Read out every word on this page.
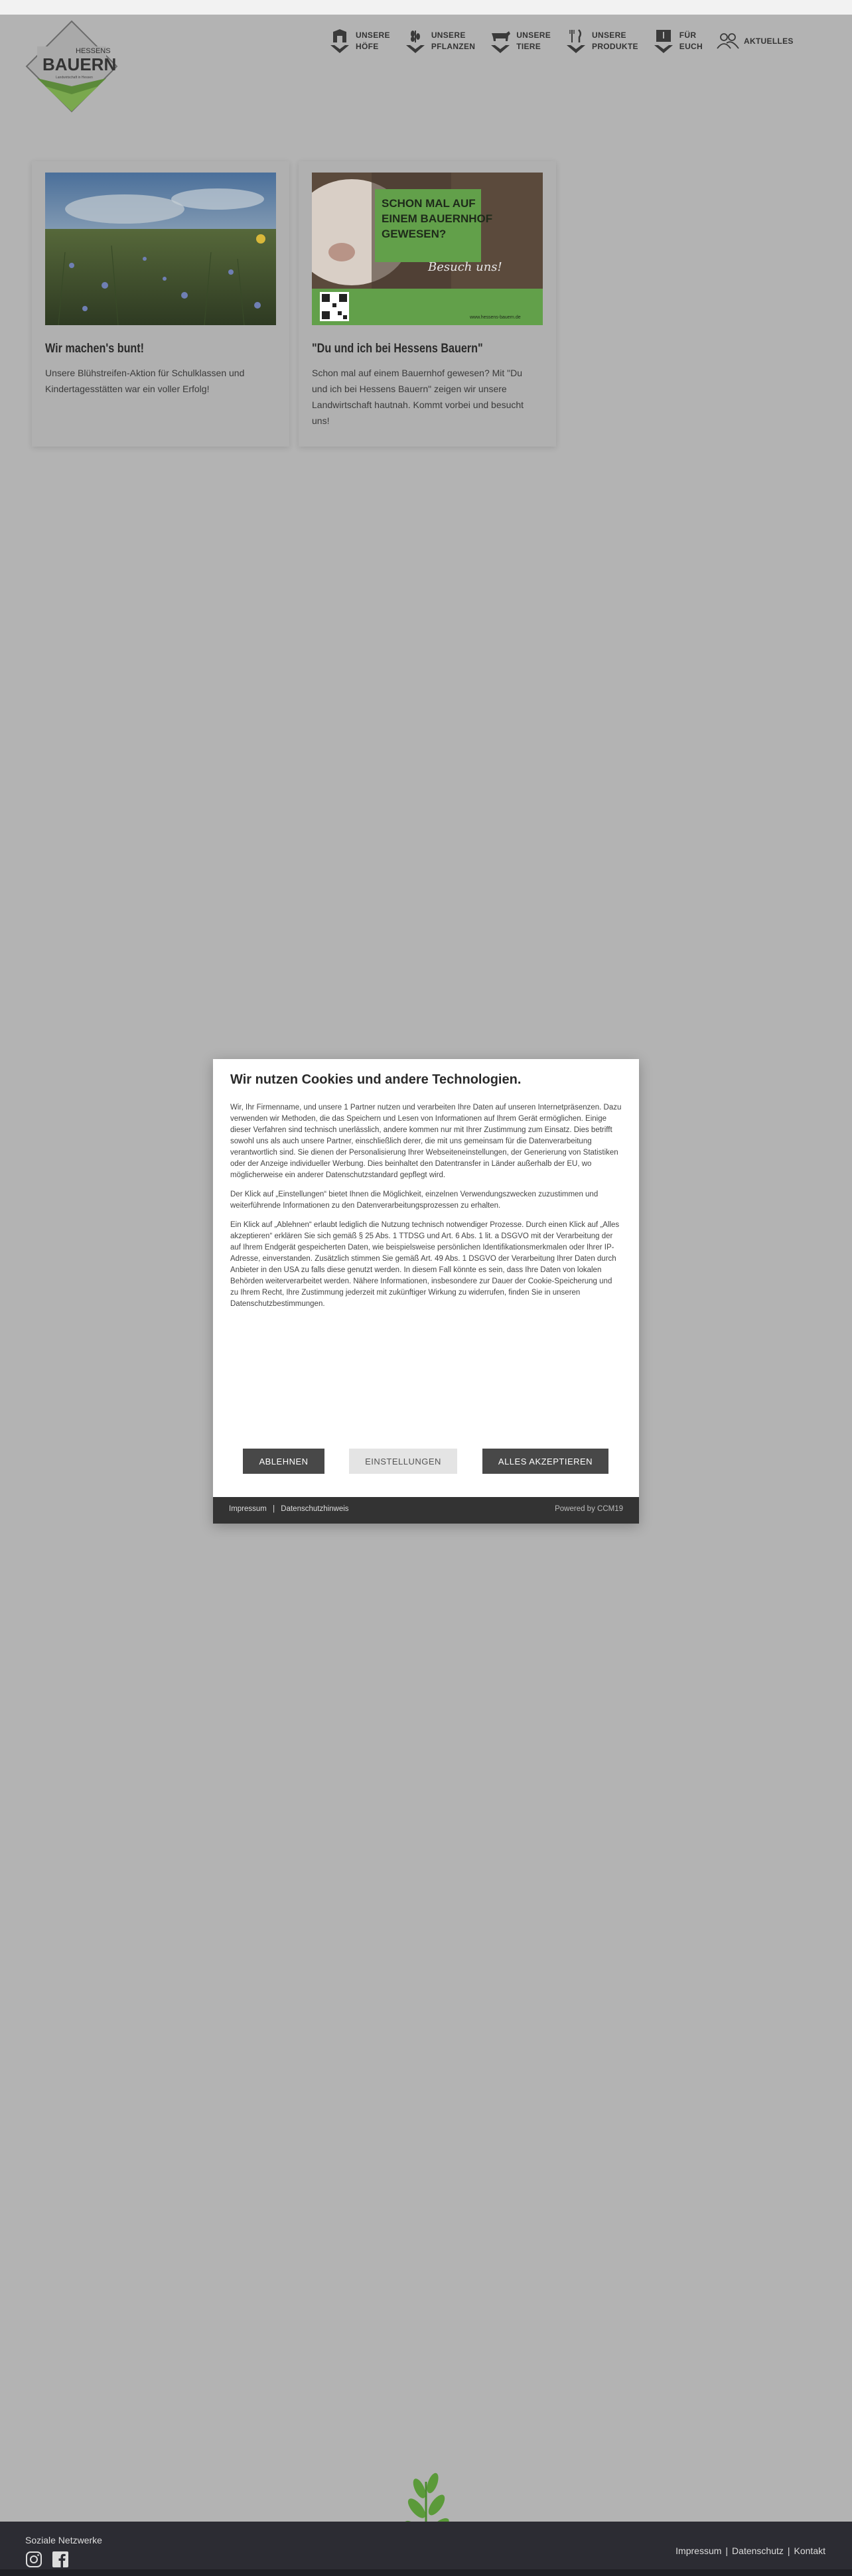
HESSENS
BAUERN
Landwirtschaft in Hessen
UNSERE
HÖFE
UNSERE
PFLANZEN
UNSERE
TIERE
UNSERE
PRODUKTE
FÜR
EUCH
AKTUELLES
Wir machen's bunt!
Unsere Blühstreifen-Aktion für Schulklassen und Kindertagesstätten war ein voller Erfolg!
SCHON MAL AUF
EINEM BAUERNHOF
GEWESEN?
Besuch uns!
www.hessens-bauern.de
"Du und ich bei Hessens Bauern"
Schon mal auf einem Bauernhof gewesen? Mit "Du und ich bei Hessens Bauern" zeigen wir unsere Landwirtschaft hautnah. Kommt vorbei und besucht uns!
Wir nutzen Cookies und andere Technologien.

Wir, Ihr Firmenname, und unsere 1 Partner nutzen und verarbeiten Ihre Daten auf unseren Internetpräsenzen. Dazu verwenden wir Methoden, die das Speichern und Lesen von Informationen auf Ihrem Gerät ermöglichen. Einige dieser Verfahren sind technisch unerlässlich, andere kommen nur mit Ihrer Zustimmung zum Einsatz. Dies betrifft sowohl uns als auch unsere Partner, einschließlich derer, die mit uns gemeinsam für die Datenverarbeitung verantwortlich sind. Sie dienen der Personalisierung Ihrer Webseiteneinstellungen, der Generierung von Statistiken oder der Anzeige individueller Werbung. Dies beinhaltet den Datentransfer in Länder außerhalb der EU, wo möglicherweise ein anderer Datenschutzstandard gepflegt wird.

Der Klick auf „Einstellungen“ bietet Ihnen die Möglichkeit, einzelnen Verwendungszwecken zuzustimmen und weiterführende Informationen zu den Datenverarbeitungsprozessen zu erhalten.

Ein Klick auf „Ablehnen“ erlaubt lediglich die Nutzung technisch notwendiger Prozesse. Durch einen Klick auf „Alles akzeptieren“ erklären Sie sich gemäß § 25 Abs. 1 TTDSG und Art. 6 Abs. 1 lit. a DSGVO mit der Verarbeitung der auf Ihrem Endgerät gespeicherten Daten, wie beispielsweise persönlichen Identifikationsmerkmalen oder Ihrer IP-Adresse, einverstanden. Zusätzlich stimmen Sie gemäß Art. 49 Abs. 1 DSGVO der Verarbeitung Ihrer Daten durch Anbieter in den USA zu falls diese genutzt werden. In diesem Fall könnte es sein, dass Ihre Daten von lokalen Behörden weiterverarbeitet werden. Nähere Informationen, insbesondere zur Dauer der Cookie-Speicherung und zu Ihrem Recht, Ihre Zustimmung jederzeit mit zukünftiger Wirkung zu widerrufen, finden Sie in unseren Datenschutzbestimmungen.

ABLEHNEN	EINSTELLUNGEN	ALLES AKZEPTIEREN
Impressum | Datenschutzhinweis	Powered by CCM19
Soziale Netzwerke
Impressum | Datenschutz | Kontakt
